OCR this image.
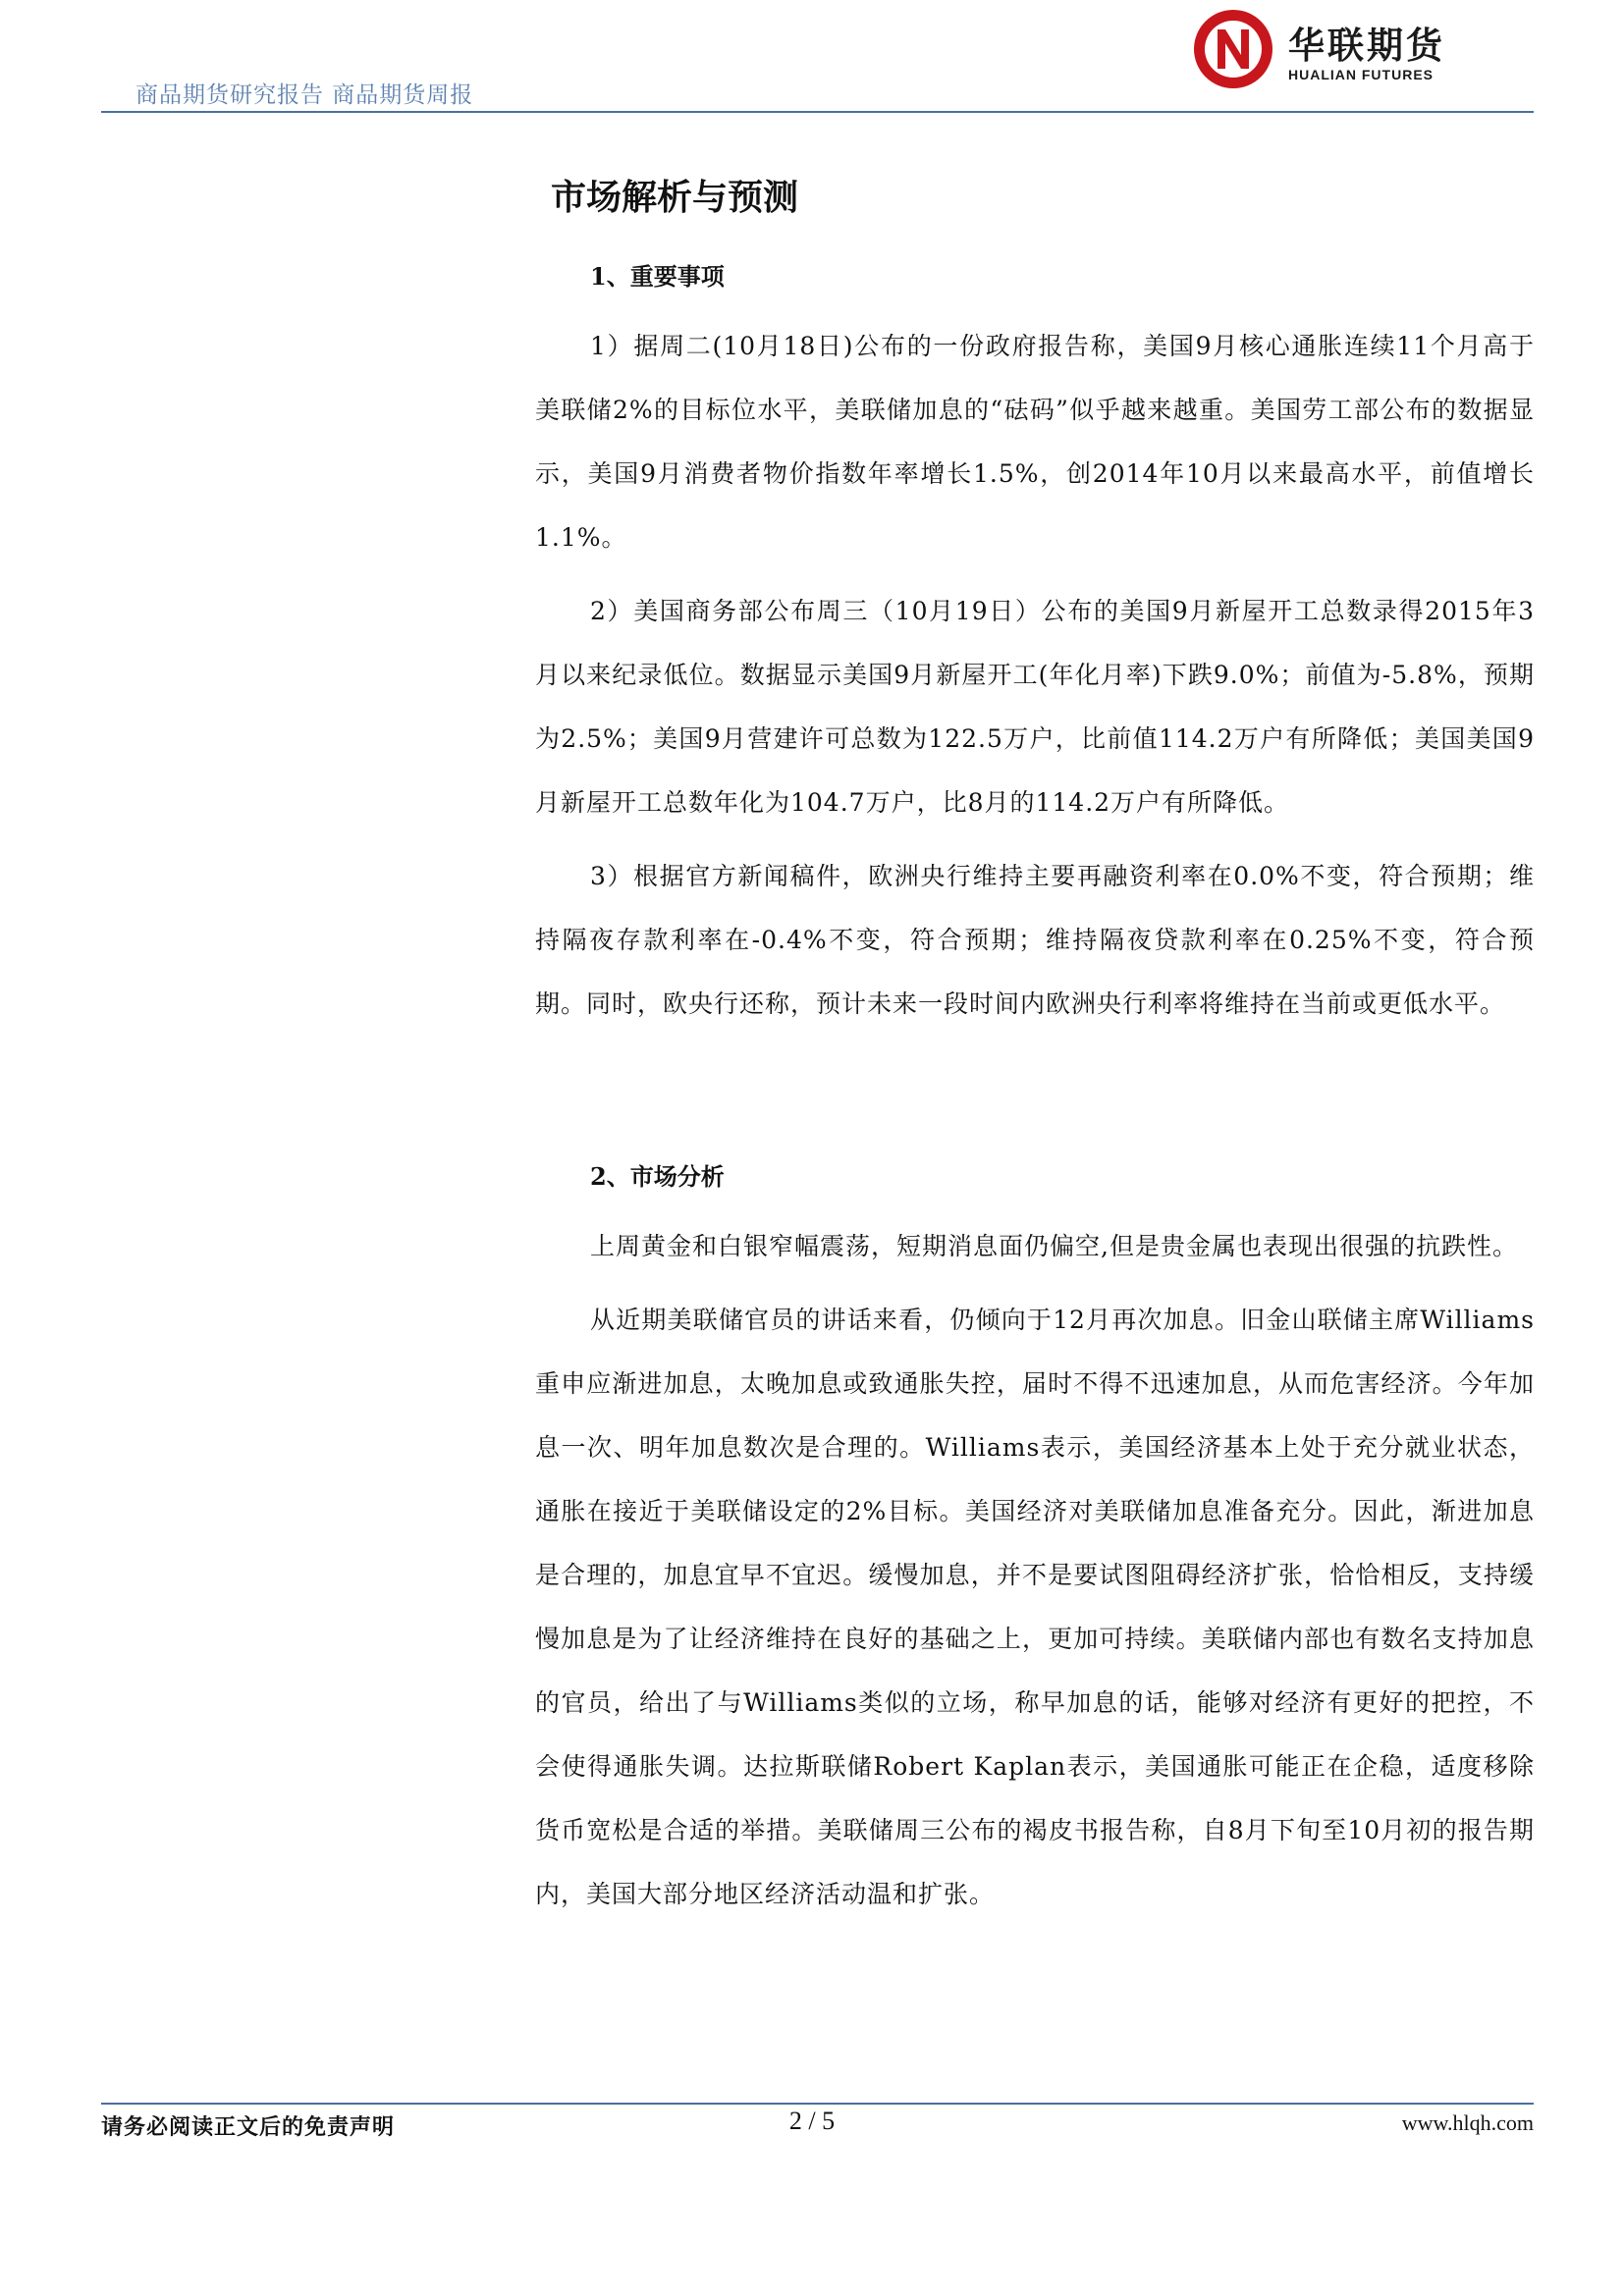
商品期货研究报告 商品期货周报
华联期货
HUALIAN FUTURES
市场解析与预测
1、重要事项

1）据周二(10月18日)公布的一份政府报告称，美国9月核心通胀连续11个月高于美联储2%的目标位水平，美联储加息的“砝码”似乎越来越重。美国劳工部公布的数据显示，美国9月消费者物价指数年率增长1.5%，创2014年10月以来最高水平，前值增长1.1%。

2）美国商务部公布周三（10月19日）公布的美国9月新屋开工总数录得2015年3月以来纪录低位。数据显示美国9月新屋开工(年化月率)下跌9.0%；前值为-5.8%，预期为2.5%；美国9月营建许可总数为122.5万户，比前值114.2万户有所降低；美国美国9月新屋开工总数年化为104.7万户，比8月的114.2万户有所降低。

3）根据官方新闻稿件，欧洲央行维持主要再融资利率在0.0%不变，符合预期；维持隔夜存款利率在-0.4%不变，符合预期；维持隔夜贷款利率在0.25%不变，符合预期。同时，欧央行还称，预计未来一段时间内欧洲央行利率将维持在当前或更低水平。

2、市场分析

上周黄金和白银窄幅震荡，短期消息面仍偏空,但是贵金属也表现出很强的抗跌性。

从近期美联储官员的讲话来看，仍倾向于12月再次加息。旧金山联储主席Williams重申应渐进加息，太晚加息或致通胀失控，届时不得不迅速加息，从而危害经济。今年加息一次、明年加息数次是合理的。Williams表示，美国经济基本上处于充分就业状态，通胀在接近于美联储设定的2%目标。美国经济对美联储加息准备充分。因此，渐进加息是合理的，加息宜早不宜迟。缓慢加息，并不是要试图阻碍经济扩张，恰恰相反，支持缓慢加息是为了让经济维持在良好的基础之上，更加可持续。美联储内部也有数名支持加息的官员，给出了与Williams类似的立场，称早加息的话，能够对经济有更好的把控，不会使得通胀失调。达拉斯联储Robert Kaplan表示，美国通胀可能正在企稳，适度移除货币宽松是合适的举措。美联储周三公布的褐皮书报告称，自8月下旬至10月初的报告期内，美国大部分地区经济活动温和扩张。

请务必阅读正文后的免责声明	2 / 5	www.hlqh.com
